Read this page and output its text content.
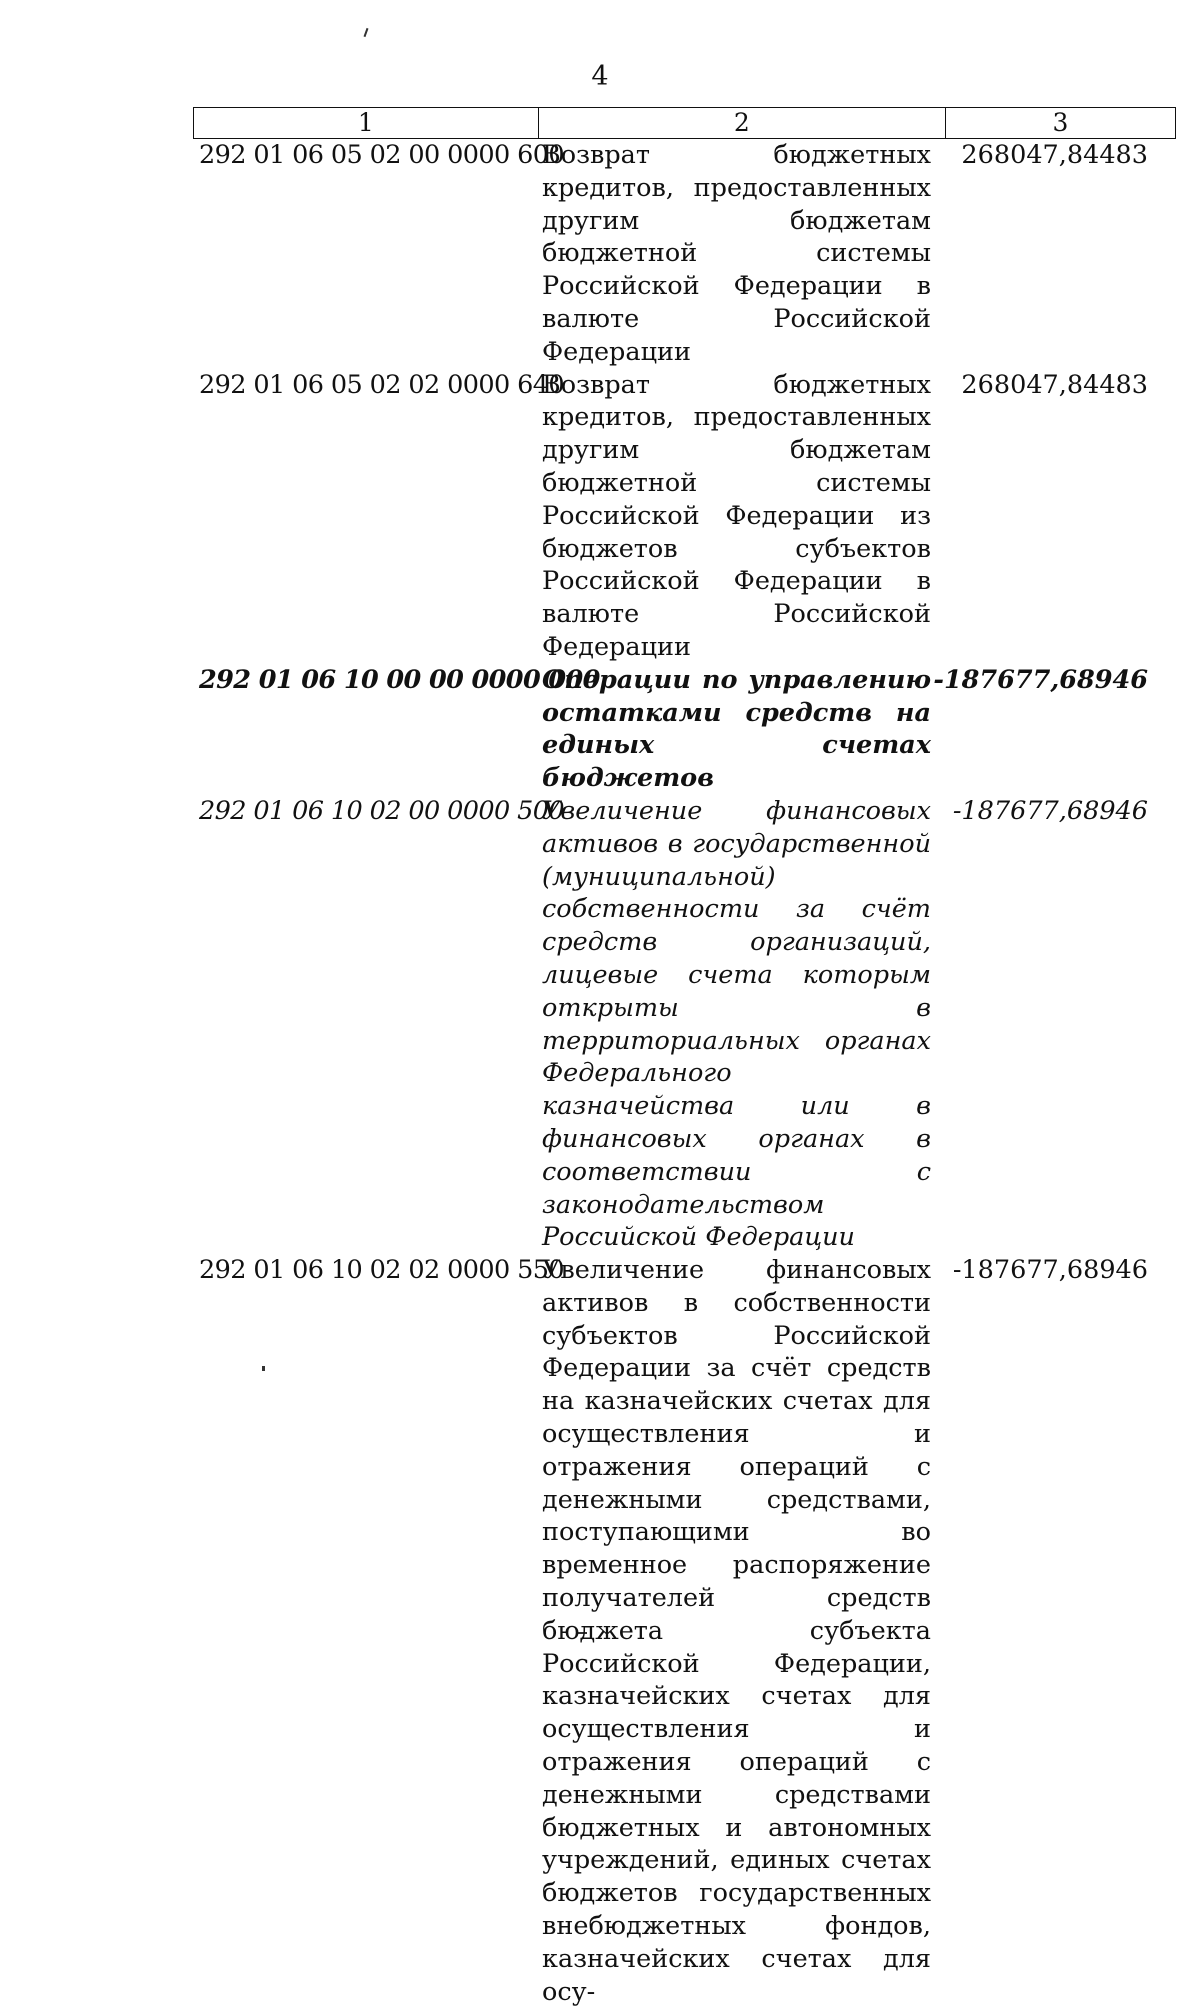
4
1	2	3
292 01 06 05 02 00 0000 600
Возврат бюджетных кредитов, предоставленных другим бюджетам бюджетной системы Российской Федерации в валюте Российской Федерации
268047,84483
292 01 06 05 02 02 0000 640
Возврат бюджетных кредитов, предоставленных другим бюджетам бюджетной системы Российской Федерации из бюджетов субъектов Российской Федерации в валюте Российской Федерации
268047,84483
292 01 06 10 00 00 0000 000
Операции по управлению остатками средств на единых счетах бюджетов
-187677,68946
292 01 06 10 02 00 0000 500
Увеличение финансовых активов в государственной (муниципальной) собственности за счёт средств организаций, лицевые счета которым открыты в территориальных органах Федерального казначейства или в финансовых органах в соответствии с законодательством Российской Федерации
-187677,68946
292 01 06 10 02 02 0000 550
Увеличение финансовых активов в собственности субъектов Российской Федерации за счёт средств на казначейских счетах для осуществления и отражения операций с денежными средствами, поступающими во временное распоряжение получателей средств бюджета субъекта Российской Федерации, казначейских счетах для осуществления и отражения операций с денежными средствами бюджетных и автономных учреждений, единых счетах бюджетов государственных внебюджетных фондов, казначейских счетах для осу-
-187677,68946
